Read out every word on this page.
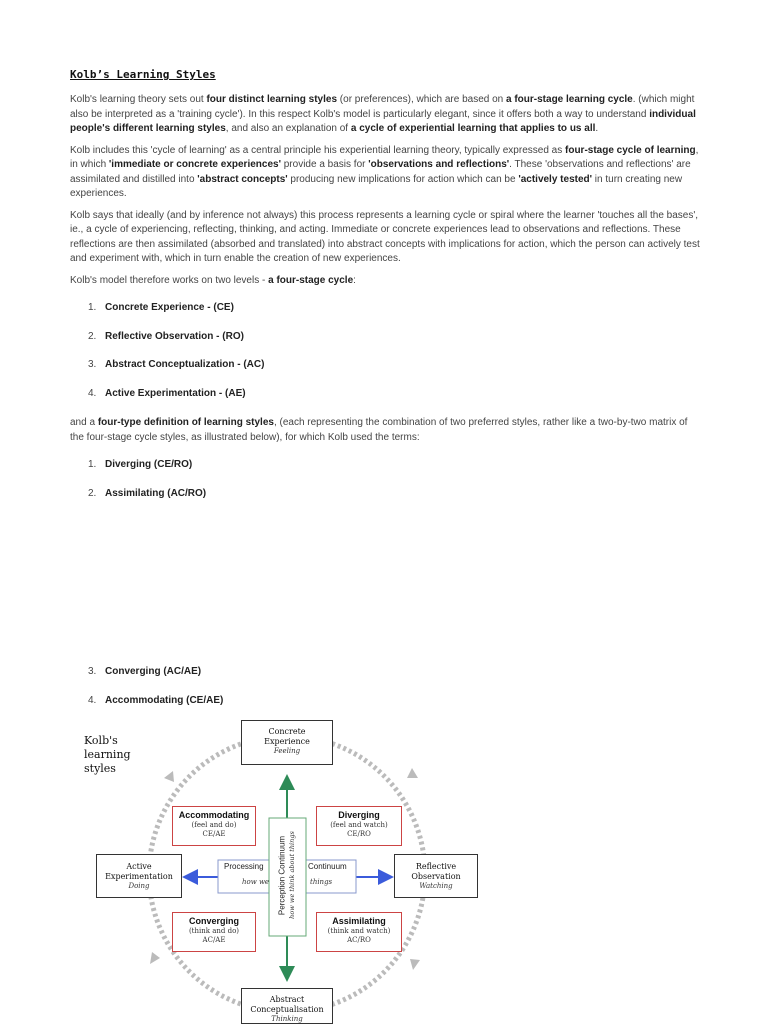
Kolb’s Learning Styles

Kolb's learning theory sets out four distinct learning styles (or preferences), which are based on a four-stage learning cycle. (which might also be interpreted as a 'training cycle'). In this respect Kolb's model is particularly elegant, since it offers both a way to understand individual people's different learning styles, and also an explanation of a cycle of experiential learning that applies to us all.

Kolb includes this 'cycle of learning' as a central principle his experiential learning theory, typically expressed as four-stage cycle of learning, in which 'immediate or concrete experiences' provide a basis for 'observations and reflections'. These 'observations and reflections' are assimilated and distilled into 'abstract concepts' producing new implications for action which can be 'actively tested' in turn creating new experiences.

Kolb says that ideally (and by inference not always) this process represents a learning cycle or spiral where the learner 'touches all the bases', ie., a cycle of experiencing, reflecting, thinking, and acting. Immediate or concrete experiences lead to observations and reflections. These reflections are then assimilated (absorbed and translated) into abstract concepts with implications for action, which the person can actively test and experiment with, which in turn enable the creation of new experiences.

Kolb's model therefore works on two levels - a four-stage cycle:

1. Concrete Experience - (CE)
2. Reflective Observation - (RO)
3. Abstract Conceptualization - (AC)
4. Active Experimentation - (AE)

and a four-type definition of learning styles, (each representing the combination of two preferred styles, rather like a two-by-two matrix of the four-stage cycle styles, as illustrated below), for which Kolb used the terms:

1. Diverging (CE/RO)
2. Assimilating (AC/RO)
3. Converging (AC/AE)
4. Accommodating (CE/AE)
Kolb's
learning
styles
Concrete
Experience
Feeling
Reflective
Observation
Watching
Abstract
Conceptualisation
Thinking
Active
Experimentation
Doing
Accommodating
(feel and do)
CE/AE
Diverging
(feel and watch)
CE/RO
Converging
(think and do)
AC/AE
Assimilating
(think and watch)
AC/RO
Processing	Continuum
how we	things
Perception Continuum how we think about things
